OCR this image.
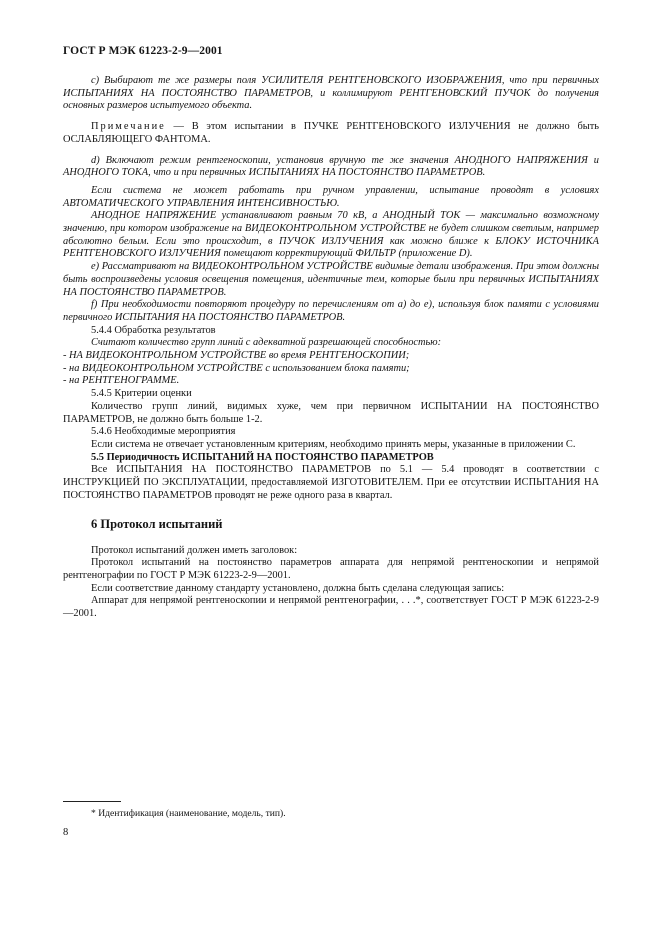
ГОСТ Р МЭК 61223-2-9—2001

с) Выбирают те же размеры поля УСИЛИТЕЛЯ РЕНТГЕНОВСКОГО ИЗОБРАЖЕНИЯ, что при первичных ИСПЫТАНИЯХ НА ПОСТОЯНСТВО ПАРАМЕТРОВ, и коллимируют РЕНТГЕНОВСКИЙ ПУЧОК до получения основных размеров испытуемого объекта.

Примечание — В этом испытании в ПУЧКЕ РЕНТГЕНОВСКОГО ИЗЛУЧЕНИЯ не должно быть ОСЛАБЛЯЮЩЕГО ФАНТОМА.

d) Включают режим рентгеноскопии, установив вручную те же значения АНОДНОГО НАПРЯЖЕНИЯ и АНОДНОГО ТОКА, что и при первичных ИСПЫТАНИЯХ НА ПОСТОЯНСТВО ПАРАМЕТРОВ.

Если система не может работать при ручном управлении, испытание проводят в условиях АВТОМАТИЧЕСКОГО УПРАВЛЕНИЯ ИНТЕНСИВНОСТЬЮ.

АНОДНОЕ НАПРЯЖЕНИЕ устанавливают равным 70 кВ, а АНОДНЫЙ ТОК — максимально возможному значению, при котором изображение на ВИДЕОКОНТРОЛЬНОМ УСТРОЙСТВЕ не будет слишком светлым, например абсолютно белым. Если это происходит, в ПУЧОК ИЗЛУЧЕНИЯ как можно ближе к БЛОКУ ИСТОЧНИКА РЕНТГЕНОВСКОГО ИЗЛУЧЕНИЯ помещают корректирующий ФИЛЬТР (приложение D).

е) Рассматривают на ВИДЕОКОНТРОЛЬНОМ УСТРОЙСТВЕ видимые детали изображения. При этом должны быть воспроизведены условия освещения помещения, идентичные тем, которые были при первичных ИСПЫТАНИЯХ НА ПОСТОЯНСТВО ПАРАМЕТРОВ.

f) При необходимости повторяют процедуру по перечислениям от а) до е), используя блок памяти с условиями первичного ИСПЫТАНИЯ НА ПОСТОЯНСТВО ПАРАМЕТРОВ.

5.4.4 Обработка результатов

Считают количество групп линий с адекватной разрешающей способностью:

- НА ВИДЕОКОНТРОЛЬНОМ УСТРОЙСТВЕ во время РЕНТГЕНОСКОПИИ;
- на ВИДЕОКОНТРОЛЬНОМ УСТРОЙСТВЕ с использованием блока памяти;
- на РЕНТГЕНОГРАММЕ.

5.4.5 Критерии оценки

Количество групп линий, видимых хуже, чем при первичном ИСПЫТАНИИ НА ПОСТОЯНСТВО ПАРАМЕТРОВ, не должно быть больше 1-2.

5.4.6 Необходимые мероприятия

Если система не отвечает установленным критериям, необходимо принять меры, указанные в приложении С.

5.5 Периодичность ИСПЫТАНИЙ НА ПОСТОЯНСТВО ПАРАМЕТРОВ

Все ИСПЫТАНИЯ НА ПОСТОЯНСТВО ПАРАМЕТРОВ по 5.1 — 5.4 проводят в соответствии с ИНСТРУКЦИЕЙ ПО ЭКСПЛУАТАЦИИ, предоставляемой ИЗГОТОВИТЕЛЕМ. При ее отсутствии ИСПЫТАНИЯ НА ПОСТОЯНСТВО ПАРАМЕТРОВ проводят не реже одного раза в квартал.

6 Протокол испытаний

Протокол испытаний должен иметь заголовок:

Протокол испытаний на постоянство параметров аппарата для непрямой рентгеноскопии и непрямой рентгенографии по ГОСТ Р МЭК 61223-2-9—2001.

Если соответствие данному стандарту установлено, должна быть сделана следующая запись:

Аппарат для непрямой рентгеноскопии и непрямой рентгенографии, . . .*, соответствует ГОСТ Р МЭК 61223-2-9—2001.

* Идентификация (наименование, модель, тип).
8
